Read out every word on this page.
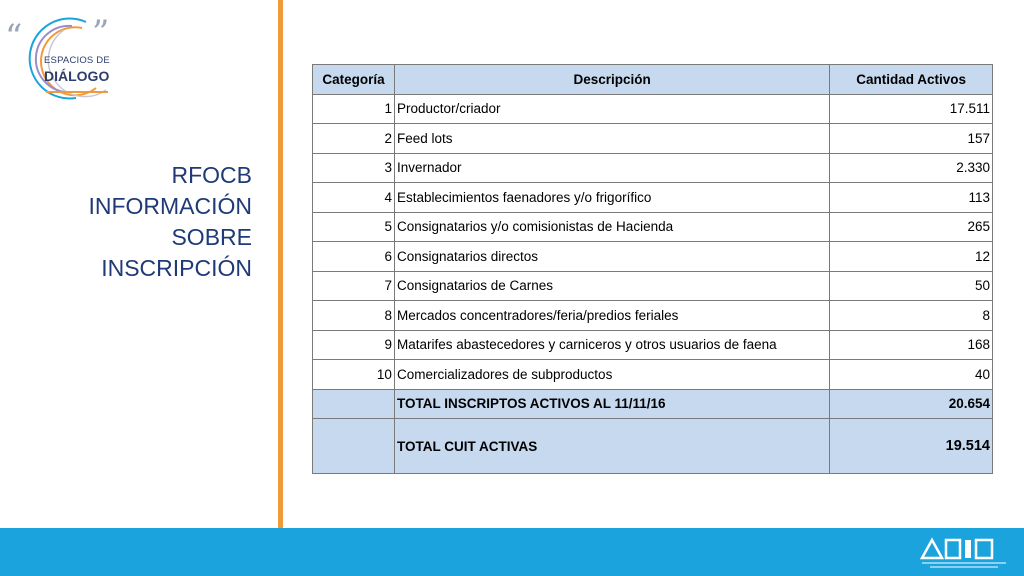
ESPACIOS DE
DIÁLOGO
“ ”
RFOCB
INFORMACIÓN
SOBRE
INSCRIPCIÓN
Categoría	Descripción	Cantidad Activos
1	Productor/criador	17.511
2	Feed lots	157
3	Invernador	2.330
4	Establecimientos faenadores y/o frigorífico	113
5	Consignatarios y/o comisionistas de Hacienda	265
6	Consignatarios directos	12
7	Consignatarios de Carnes	50
8	Mercados concentradores/feria/predios feriales	8
9	Matarifes abastecedores y carniceros y otros usuarios de faena	168
10	Comercializadores de subproductos	40
	TOTAL INSCRIPTOS ACTIVOS AL 11/11/16	20.654
	TOTAL CUIT ACTIVAS	19.514
